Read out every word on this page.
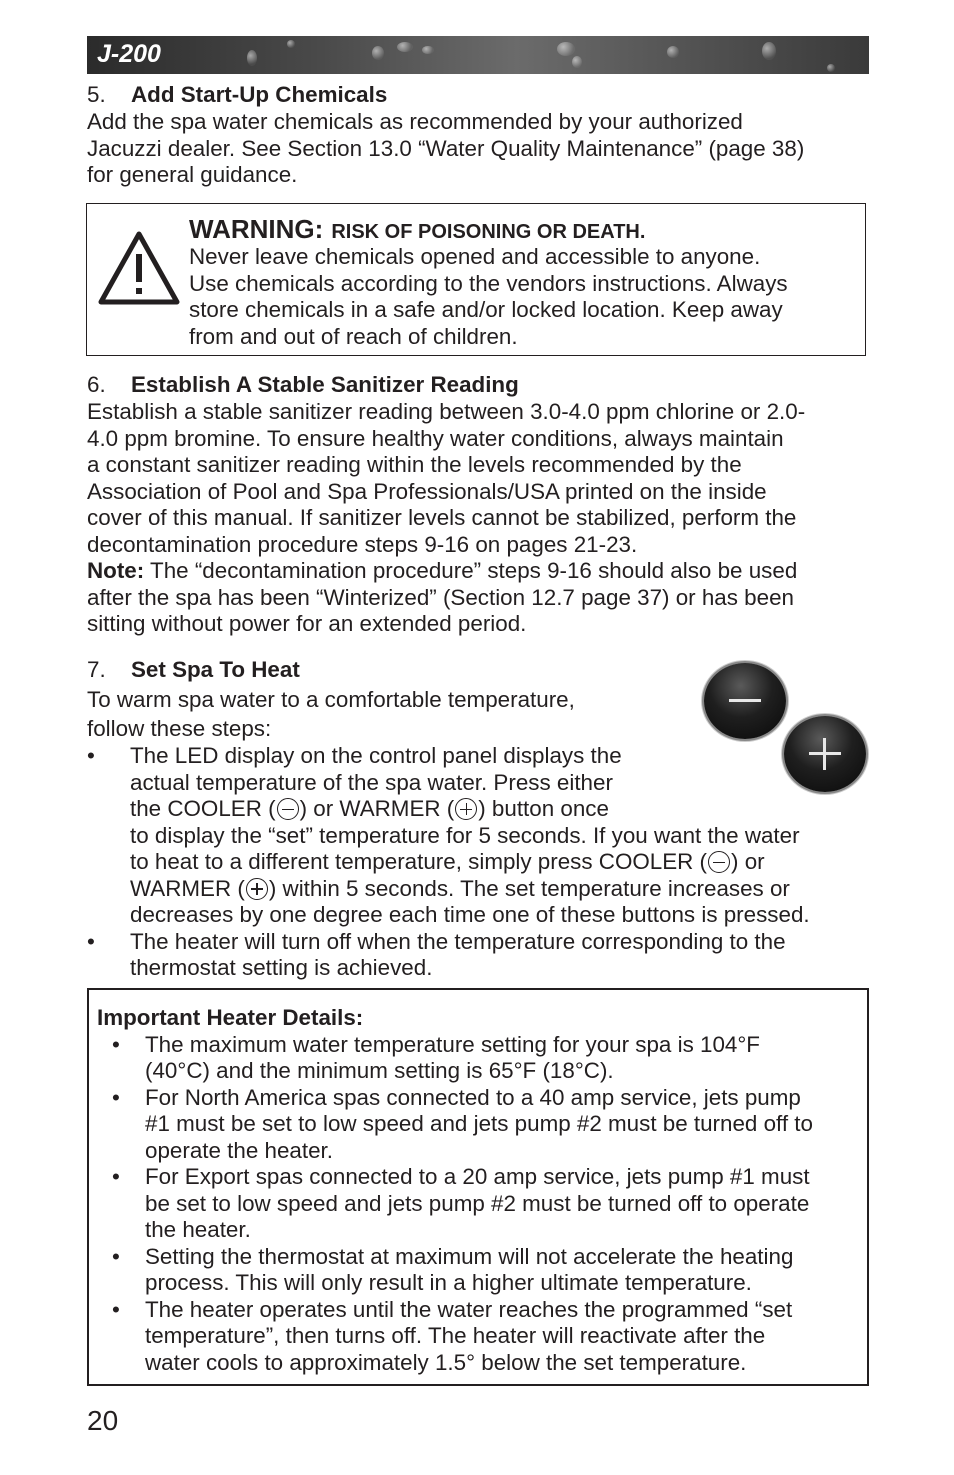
J-200
5. Add Start-Up Chemicals
Add the spa water chemicals as recommended by your authorized
Jacuzzi dealer. See Section 13.0 “Water Quality Maintenance” (page 38)
for general guidance.
WARNING: RISK OF POISONING OR DEATH.
Never leave chemicals opened and accessible to anyone.
Use chemicals according to the vendors instructions. Always
store chemicals in a safe and/or locked location. Keep away
from and out of reach of children.
6. Establish A Stable Sanitizer Reading
Establish a stable sanitizer reading between 3.0-4.0 ppm chlorine or 2.0-
4.0 ppm bromine. To ensure healthy water conditions, always maintain
a constant sanitizer reading within the levels recommended by the
Association of Pool and Spa Professionals/USA printed on the inside
cover of this manual. If sanitizer levels cannot be stabilized, perform the
decontamination procedure steps 9-16 on pages 21-23.
Note: The “decontamination procedure” steps 9-16 should also be used
after the spa has been “Winterized” (Section 12.7 page 37) or has been
sitting without power for an extended period.
7. Set Spa To Heat
To warm spa water to a comfortable temperature,
follow these steps:
• The LED display on the control panel displays the
actual temperature of the spa water. Press either
the COOLER ( ) or WARMER ( ) button once
to display the “set” temperature for 5 seconds. If you want the water
to heat to a different temperature, simply press COOLER ( ) or
WARMER ( ) within 5 seconds. The set temperature increases or
decreases by one degree each time one of these buttons is pressed.
• The heater will turn off when the temperature corresponding to the
thermostat setting is achieved.
Important Heater Details:
• The maximum water temperature setting for your spa is 104°F
(40°C) and the minimum setting is 65°F (18°C).
• For North America spas connected to a 40 amp service, jets pump
#1 must be set to low speed and jets pump #2 must be turned off to
operate the heater.
• For Export spas connected to a 20 amp service, jets pump #1 must
be set to low speed and jets pump #2 must be turned off to operate
the heater.
• Setting the thermostat at maximum will not accelerate the heating
process. This will only result in a higher ultimate temperature.
• The heater operates until the water reaches the programmed “set
temperature”, then turns off. The heater will reactivate after the
water cools to approximately 1.5° below the set temperature.
20
